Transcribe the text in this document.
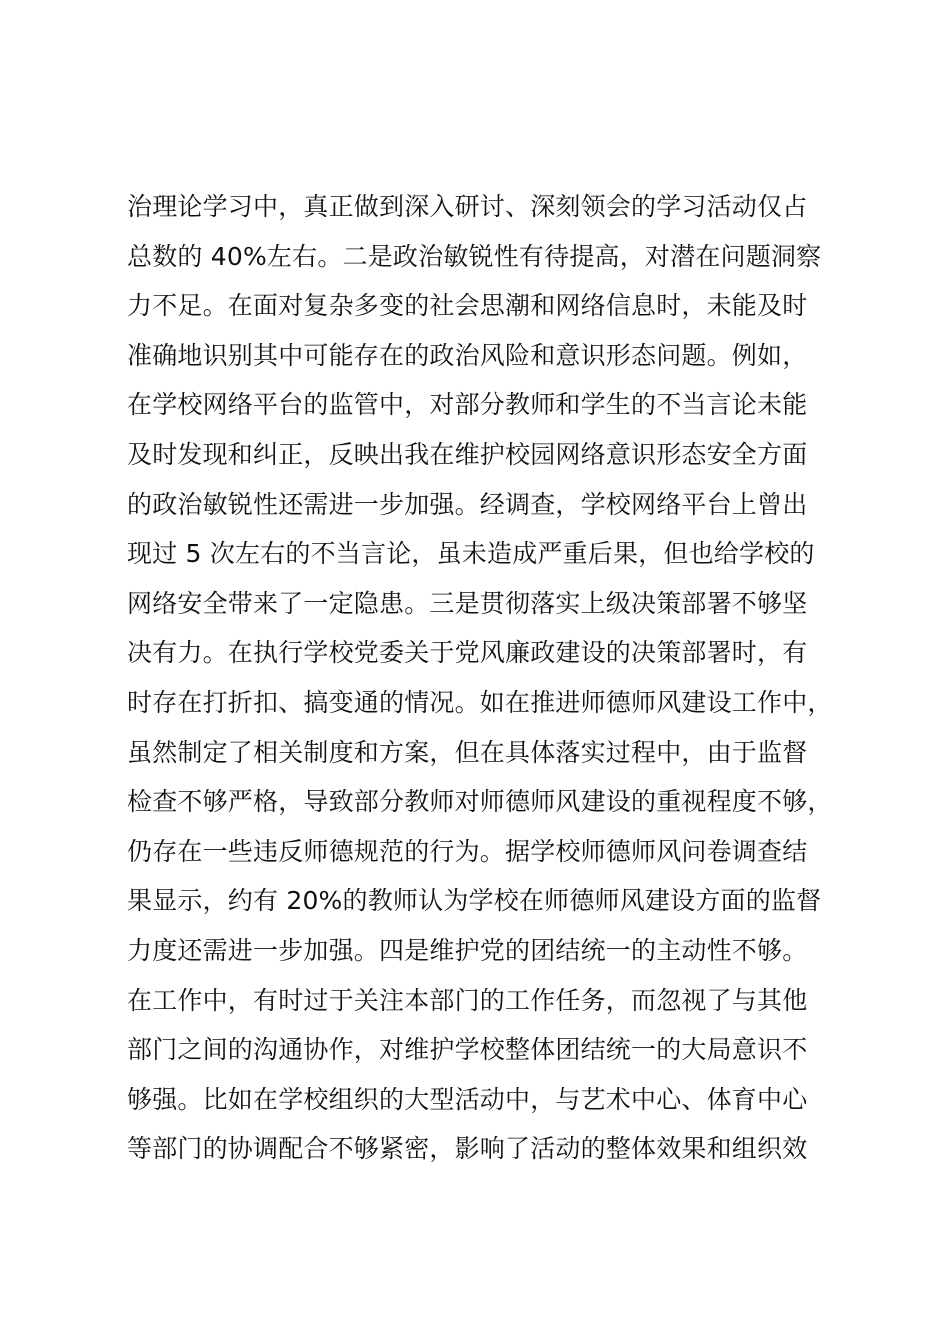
治理论学习中，真正做到深入研讨、深刻领会的学习活动仅占
总数的 40%左右。二是政治敏锐性有待提高，对潜在问题洞察
力不足。在面对复杂多变的社会思潮和网络信息时，未能及时
准确地识别其中可能存在的政治风险和意识形态问题。例如，
在学校网络平台的监管中，对部分教师和学生的不当言论未能
及时发现和纠正，反映出我在维护校园网络意识形态安全方面
的政治敏锐性还需进一步加强。经调查，学校网络平台上曾出
现过 5 次左右的不当言论，虽未造成严重后果，但也给学校的
网络安全带来了一定隐患。三是贯彻落实上级决策部署不够坚
决有力。在执行学校党委关于党风廉政建设的决策部署时，有
时存在打折扣、搞变通的情况。如在推进师德师风建设工作中，
虽然制定了相关制度和方案，但在具体落实过程中，由于监督
检查不够严格，导致部分教师对师德师风建设的重视程度不够，
仍存在一些违反师德规范的行为。据学校师德师风问卷调查结
果显示，约有 20%的教师认为学校在师德师风建设方面的监督
力度还需进一步加强。四是维护党的团结统一的主动性不够。
在工作中，有时过于关注本部门的工作任务，而忽视了与其他
部门之间的沟通协作，对维护学校整体团结统一的大局意识不
够强。比如在学校组织的大型活动中，与艺术中心、体育中心
等部门的协调配合不够紧密，影响了活动的整体效果和组织效
